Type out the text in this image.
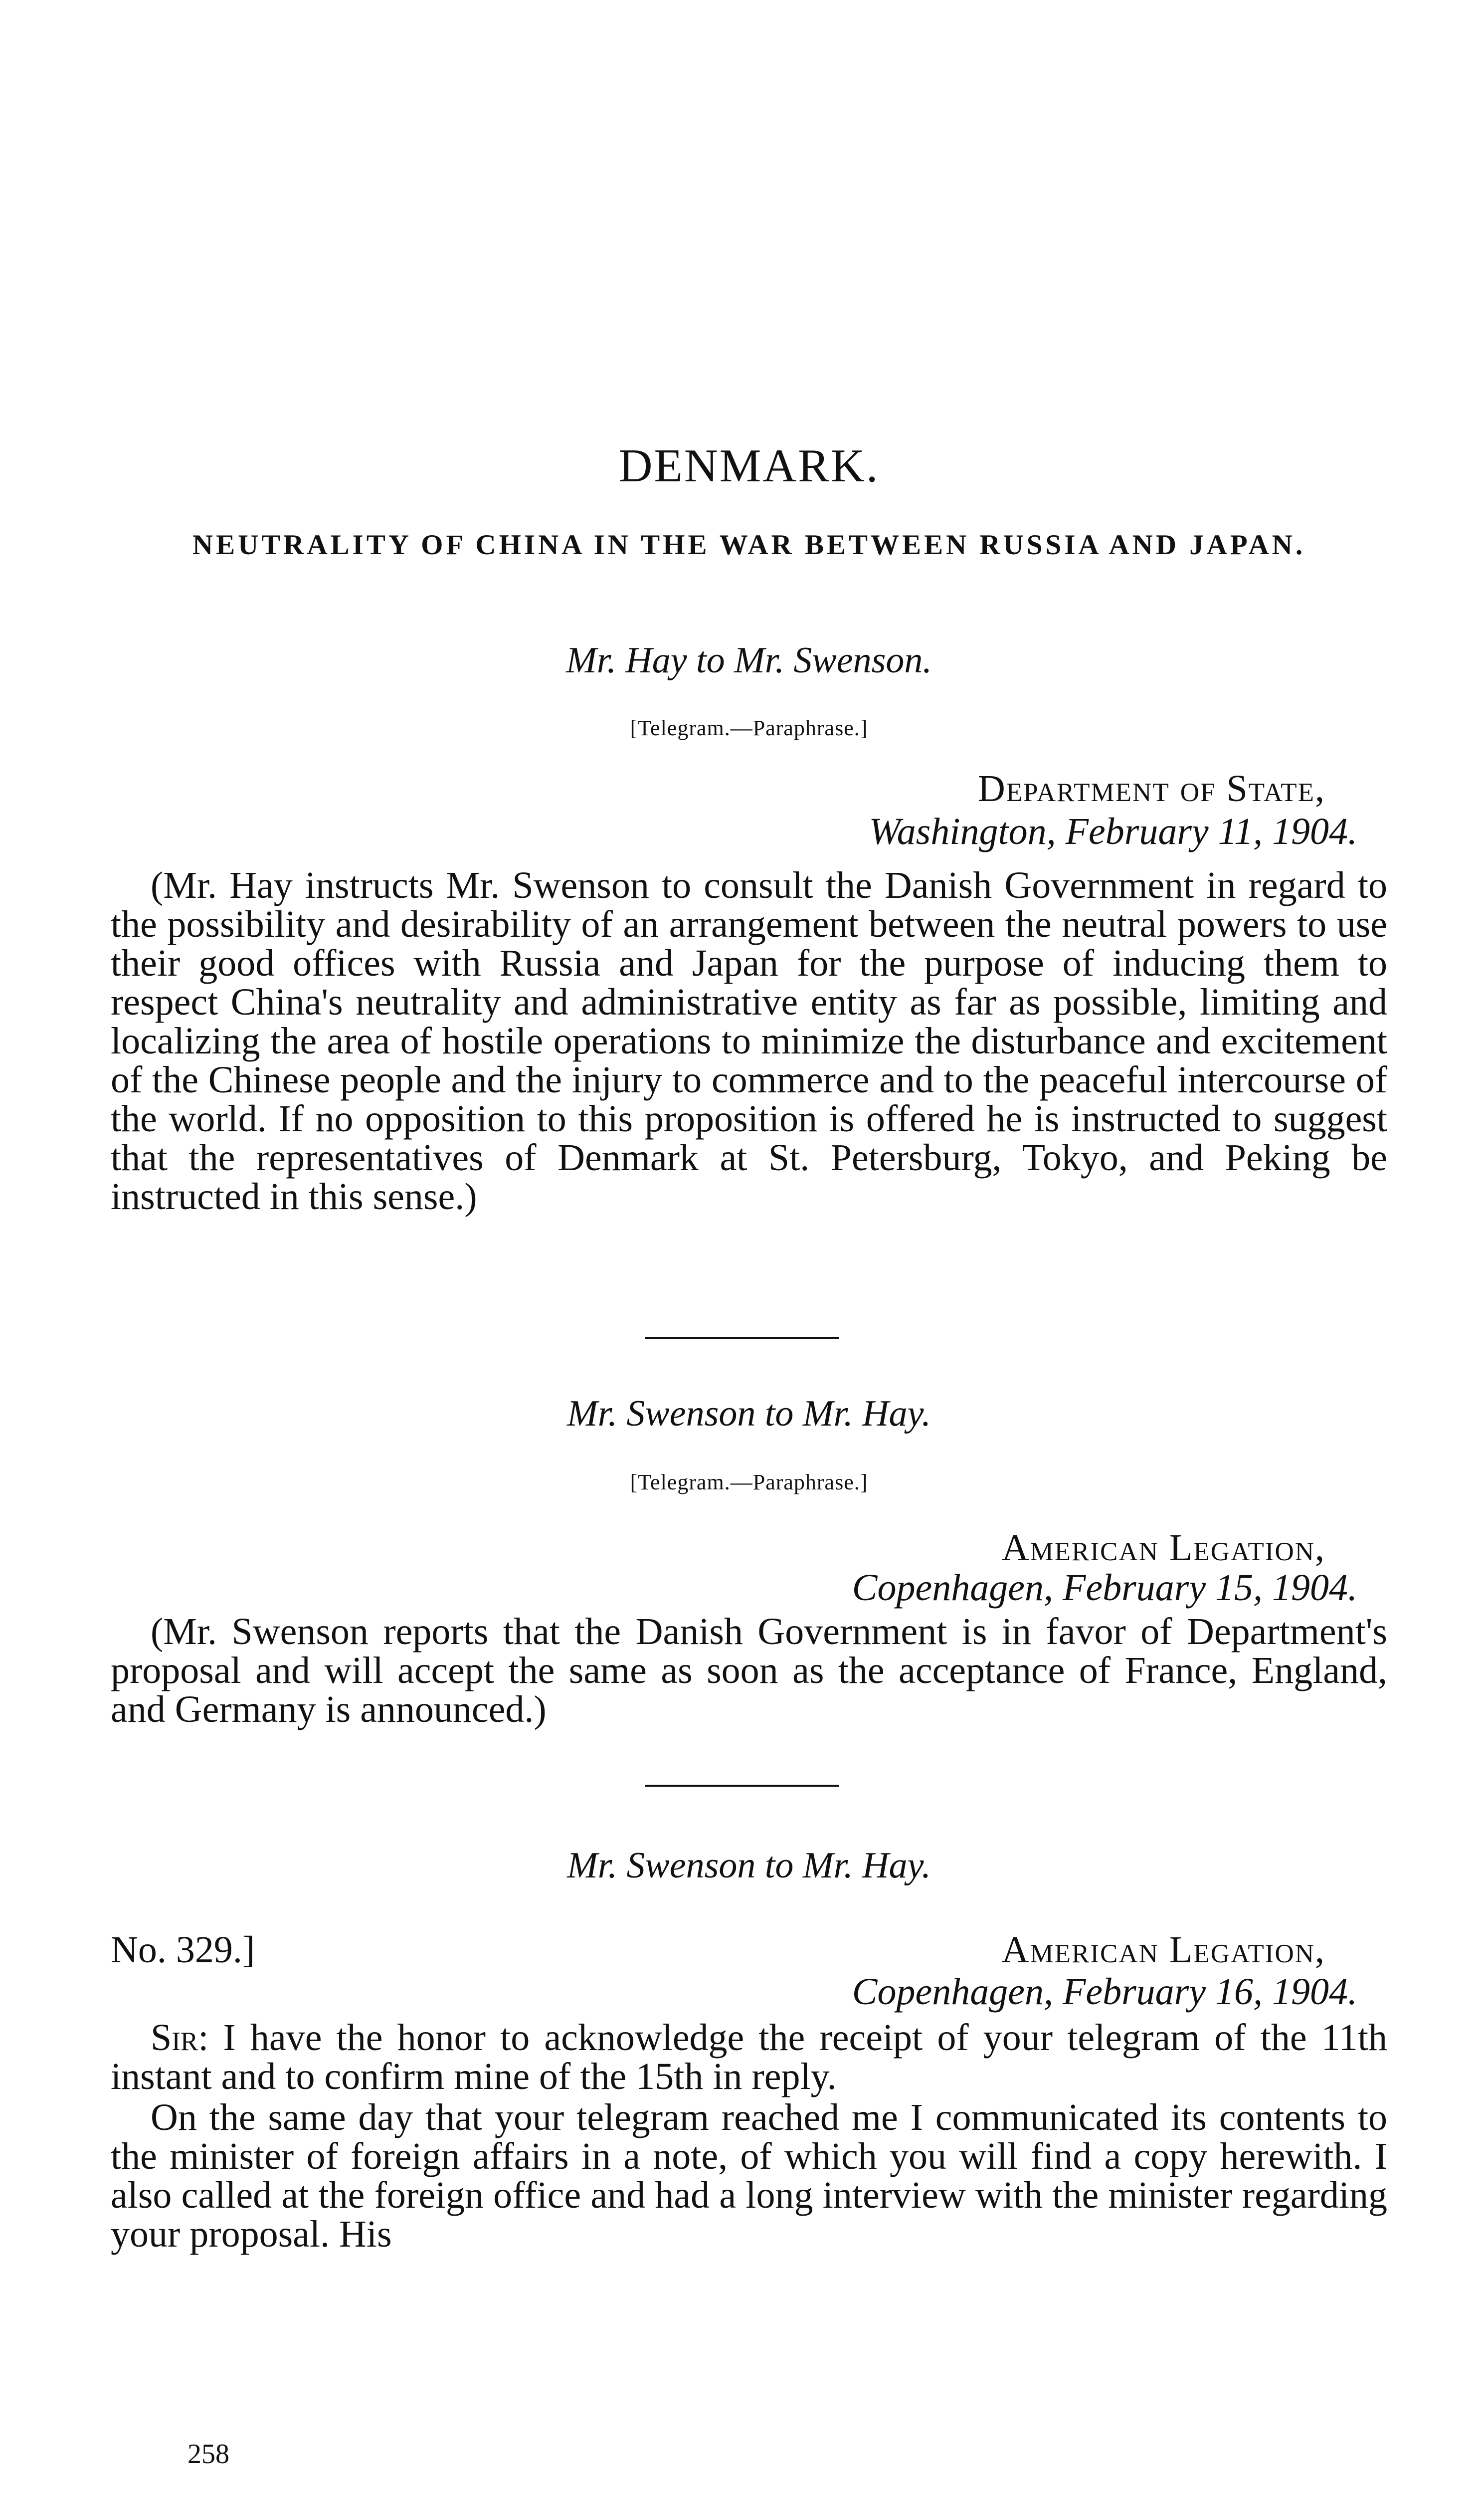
DENMARK.
NEUTRALITY OF CHINA IN THE WAR BETWEEN RUSSIA AND JAPAN.
Mr. Hay to Mr. Swenson.
[Telegram.—Paraphrase.]
Department of State,
Washington, February 11, 1904.
(Mr. Hay instructs Mr. Swenson to consult the Danish Government in regard to the possibility and desirability of an arrangement between the neutral powers to use their good offices with Russia and Japan for the purpose of inducing them to respect China's neutrality and administrative entity as far as possible, limiting and localizing the area of hostile operations to minimize the disturbance and excitement of the Chinese people and the injury to commerce and to the peaceful intercourse of the world. If no opposition to this proposition is offered he is instructed to suggest that the representatives of Denmark at St. Petersburg, Tokyo, and Peking be instructed in this sense.)
Mr. Swenson to Mr. Hay.
[Telegram.—Paraphrase.]
American Legation,
Copenhagen, February 15, 1904.
(Mr. Swenson reports that the Danish Government is in favor of Department's proposal and will accept the same as soon as the acceptance of France, England, and Germany is announced.)
Mr. Swenson to Mr. Hay.
No. 329.]	American Legation,
Copenhagen, February 16, 1904.
Sir: I have the honor to acknowledge the receipt of your telegram of the 11th instant and to confirm mine of the 15th in reply.
On the same day that your telegram reached me I communicated its contents to the minister of foreign affairs in a note, of which you will find a copy herewith. I also called at the foreign office and had a long interview with the minister regarding your proposal. His
258
